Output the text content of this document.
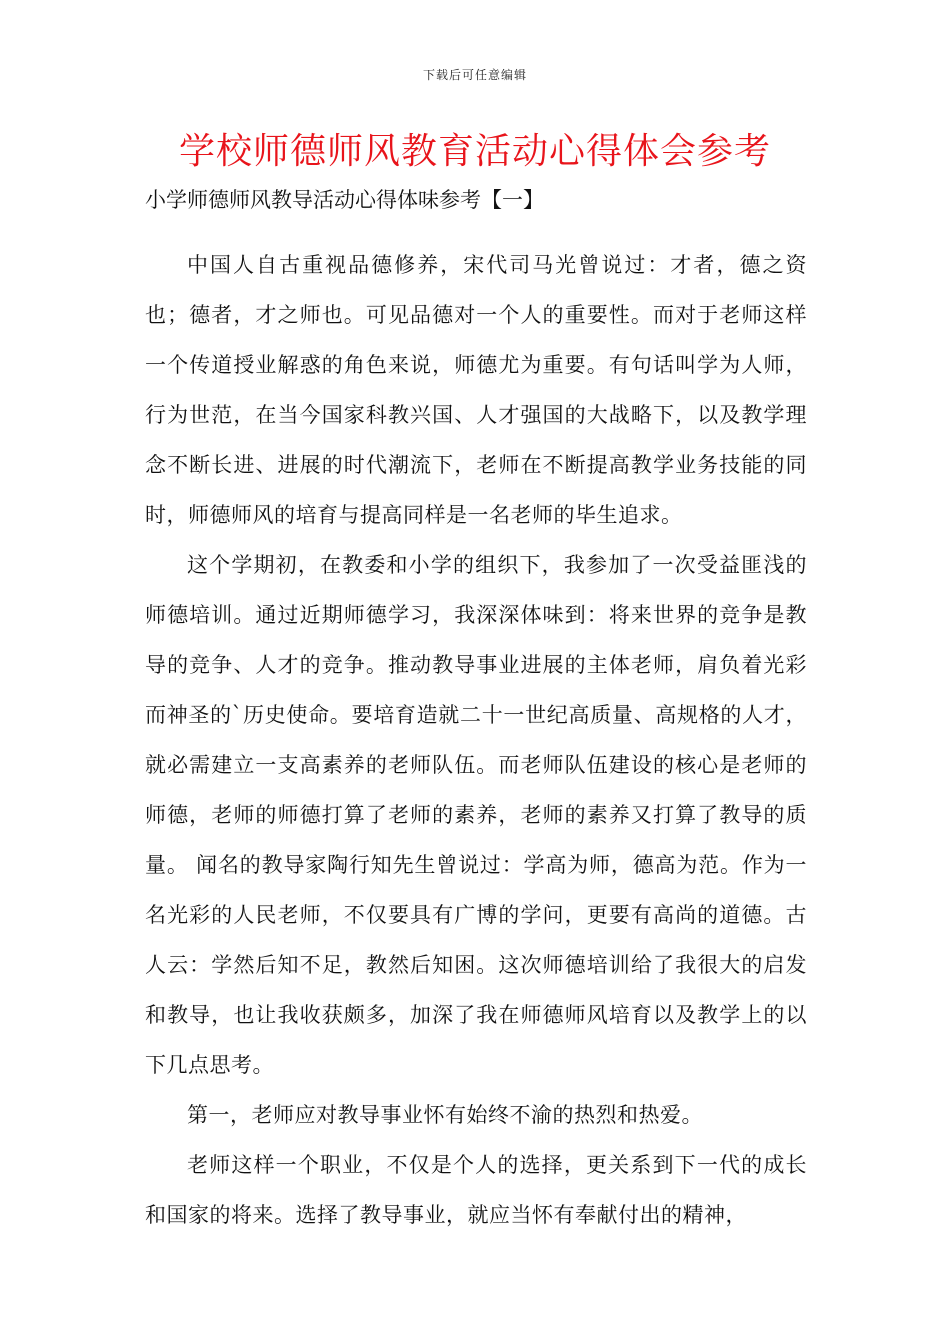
下载后可任意编辑
学校师德师风教育活动心得体会参考

小学师德师风教导活动心得体味参考【一】

中国人自古重视品德修养，宋代司马光曾说过：才者，德之资也；德者，才之师也。可见品德对一个人的重要性。而对于老师这样一个传道授业解惑的角色来说，师德尤为重要。有句话叫学为人师，行为世范，在当今国家科教兴国、人才强国的大战略下，以及教学理念不断长进、进展的时代潮流下，老师在不断提高教学业务技能的同时，师德师风的培育与提高同样是一名老师的毕生追求。

这个学期初，在教委和小学的组织下，我参加了一次受益匪浅的师德培训。通过近期师德学习，我深深体味到：将来世界的竞争是教导的竞争、人才的竞争。推动教导事业进展的主体老师，肩负着光彩而神圣的`历史使命。要培育造就二十一世纪高质量、高规格的人才，就必需建立一支高素养的老师队伍。而老师队伍建设的核心是老师的师德，老师的师德打算了老师的素养，老师的素养又打算了教导的质量。 闻名的教导家陶行知先生曾说过：学高为师，德高为范。作为一名光彩的人民老师，不仅要具有广博的学问，更要有高尚的道德。古人云：学然后知不足，教然后知困。这次师德培训给了我很大的启发和教导，也让我收获颇多，加深了我在师德师风培育以及教学上的以下几点思考。

第一，老师应对教导事业怀有始终不渝的热烈和热爱。

老师这样一个职业，不仅是个人的选择，更关系到下一代的成长和国家的将来。选择了教导事业，就应当怀有奉献付出的精神，
